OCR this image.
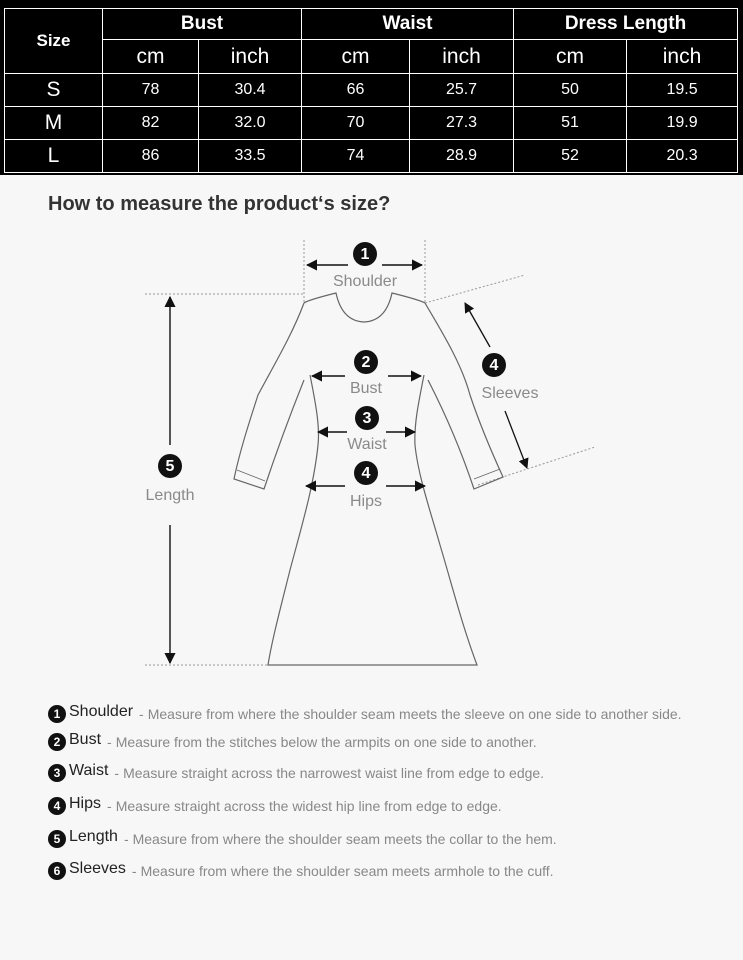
Size	Bust		Waist		Dress Length	
	cm	inch	cm	inch	cm	inch
S	78	30.4	66	25.7	50	19.5
M	82	32.0	70	27.3	51	19.9
L	86	33.5	74	28.9	52	20.3
How to measure the product‘s size?
1
Shoulder
2
Bust
3
Waist
4
Hips
4
Sleeves
5
Length
1 Shoulder - Measure from where the shoulder seam meets the sleeve on one side to another side.
2 Bust - Measure from the stitches below the armpits on one side to another.
3 Waist - Measure straight across the narrowest waist line from edge to edge.
4 Hips - Measure straight across the widest hip line from edge to edge.
5 Length - Measure from where the shoulder seam meets the collar to the hem.
6 Sleeves - Measure from where the shoulder seam meets armhole to the cuff.
